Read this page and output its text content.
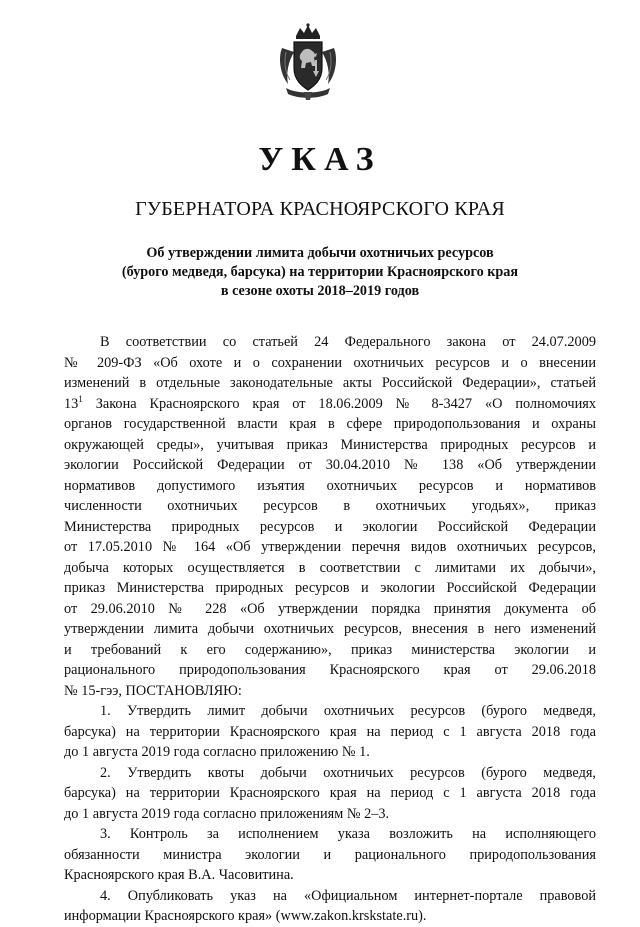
УКАЗ
ГУБЕРНАТОРА КРАСНОЯРСКОГО КРАЯ
Об утверждении лимита добычи охотничьих ресурсов
(бурого медведя, барсука) на территории Красноярского края
в сезоне охоты 2018–2019 годов
В соответствии со статьей 24 Федерального закона от 24.07.2009
№ 209-ФЗ «Об охоте и о сохранении охотничьих ресурсов и о внесении
изменений в отдельные законодательные акты Российской Федерации», статьей
$13^1$ Закона Красноярского края от 18.06.2009 № 8-3427 «О полномочиях
органов государственной власти края в сфере природопользования и охраны
окружающей среды», учитывая приказ Министерства природных ресурсов и
экологии Российской Федерации от 30.04.2010 № 138 «Об утверждении
нормативов допустимого изъятия охотничьих ресурсов и нормативов
численности охотничьих ресурсов в охотничьих угодьях», приказ
Министерства природных ресурсов и экологии Российской Федерации
от 17.05.2010 № 164 «Об утверждении перечня видов охотничьих ресурсов,
добыча которых осуществляется в соответствии с лимитами их добычи»,
приказ Министерства природных ресурсов и экологии Российской Федерации
от 29.06.2010 № 228 «Об утверждении порядка принятия документа об
утверждении лимита добычи охотничьих ресурсов, внесения в него изменений
и требований к его содержанию», приказ министерства экологии и
рационального природопользования Красноярского края от 29.06.2018
№ 15-гээ, ПОСТАНОВЛЯЮ:
1. Утвердить лимит добычи охотничьих ресурсов (бурого медведя,
барсука) на территории Красноярского края на период с 1 августа 2018 года
до 1 августа 2019 года согласно приложению № 1.
2. Утвердить квоты добычи охотничьих ресурсов (бурого медведя,
барсука) на территории Красноярского края на период с 1 августа 2018 года
до 1 августа 2019 года согласно приложениям № 2–3.
3. Контроль за исполнением указа возложить на исполняющего
обязанности министра экологии и рационального природопользования
Красноярского края В.А. Часовитина.
4. Опубликовать указ на «Официальном интернет-портале правовой
информации Красноярского края» (www.zakon.krskstate.ru).
